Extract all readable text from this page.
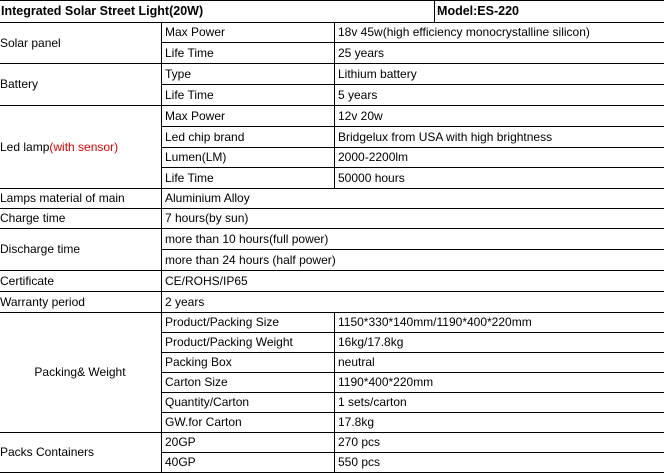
Integrated Solar Street Light(20W)			Model:ES-220
Solar panel	Max Power	18v 45w(high efficiency monocrystalline silicon)	
	Life Time	25 years	
Battery	Type	Lithium battery	
	Life Time	5 years	
Led lamp(with sensor)	Max Power	12v 20w	
	Led chip brand	Bridgelux from USA with high brightness	
	Lumen(LM)	2000-2200lm	
	Life Time	50000 hours	
Lamps material of main	Aluminium Alloy		
Charge time	7 hours(by sun)		
Discharge time	more than 10 hours(full power)		
	more than 24 hours (half power)		
Certificate	CE/ROHS/IP65		
Warranty period	2 years		
Packing& Weight	Product/Packing Size	1150*330*140mm/1190*400*220mm	
	Product/Packing Weight	16kg/17.8kg	
	Packing Box	neutral	
	Carton Size	1190*400*220mm	
	Quantity/Carton	1 sets/carton	
	GW.for Carton	17.8kg	
Packs Containers	20GP	270 pcs	
	40GP	550 pcs	
